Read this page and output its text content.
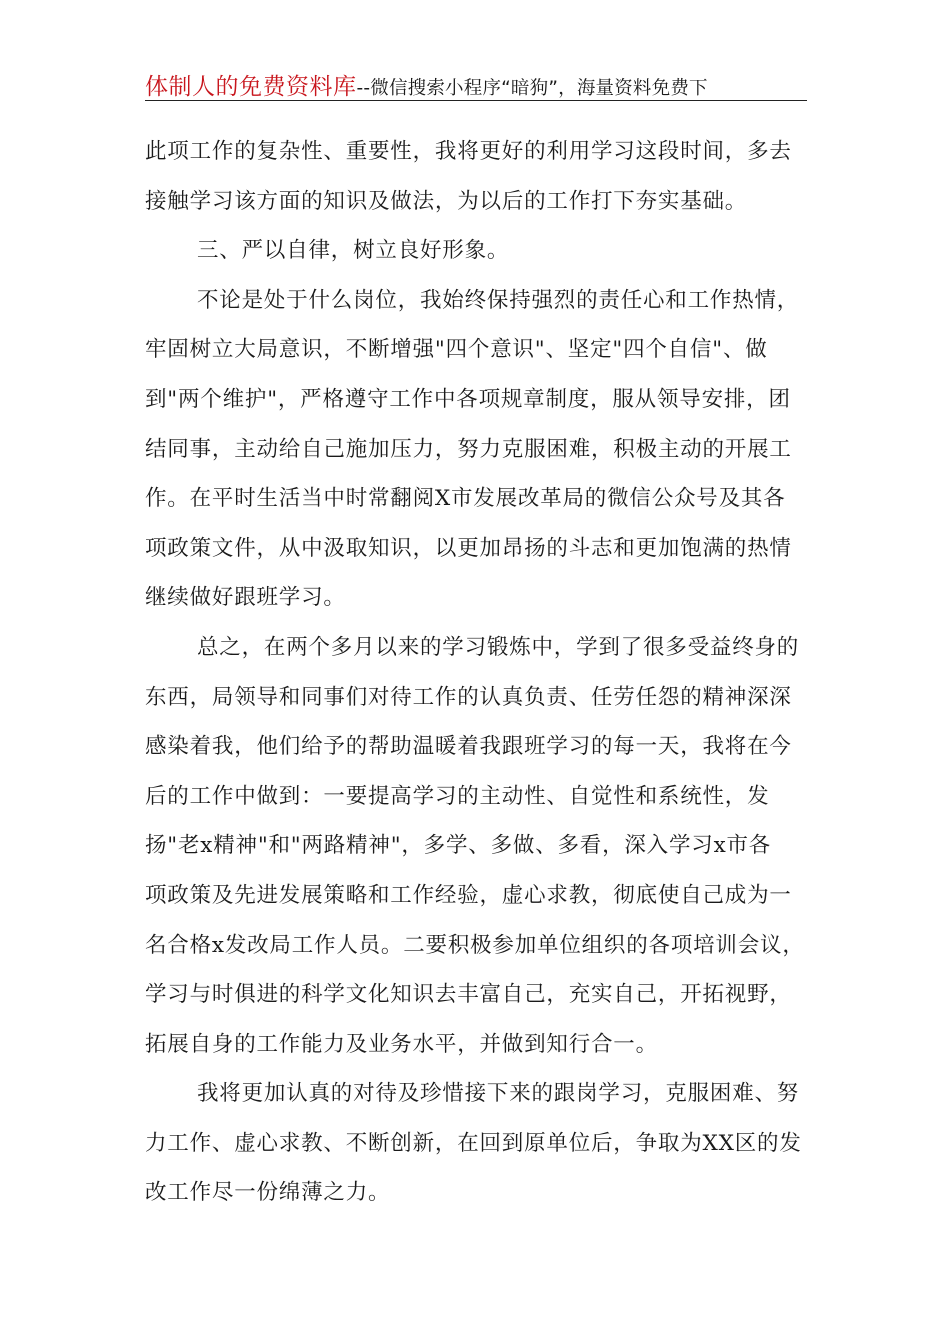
体制人的免费资料库--微信搜索小程序“暗狗”，海量资料免费下
此项工作的复杂性、重要性，我将更好的利用学习这段时间，多去
接触学习该方面的知识及做法，为以后的工作打下夯实基础。
三、严以自律，树立良好形象。
不论是处于什么岗位，我始终保持强烈的责任心和工作热情，
牢固树立大局意识，不断增强"四个意识"、坚定"四个自信"、做
到"两个维护"，严格遵守工作中各项规章制度，服从领导安排，团
结同事，主动给自己施加压力，努力克服困难，积极主动的开展工
作。在平时生活当中时常翻阅X市发展改革局的微信公众号及其各
项政策文件，从中汲取知识，以更加昂扬的斗志和更加饱满的热情
继续做好跟班学习。
总之，在两个多月以来的学习锻炼中，学到了很多受益终身的
东西，局领导和同事们对待工作的认真负责、任劳任怨的精神深深
感染着我，他们给予的帮助温暖着我跟班学习的每一天，我将在今
后的工作中做到：一要提高学习的主动性、自觉性和系统性，发
扬"老x精神"和"两路精神"，多学、多做、多看，深入学习x市各
项政策及先进发展策略和工作经验，虚心求教，彻底使自己成为一
名合格x发改局工作人员。二要积极参加单位组织的各项培训会议，
学习与时俱进的科学文化知识去丰富自己，充实自己，开拓视野，
拓展自身的工作能力及业务水平，并做到知行合一。
我将更加认真的对待及珍惜接下来的跟岗学习，克服困难、努
力工作、虚心求教、不断创新，在回到原单位后，争取为XX区的发
改工作尽一份绵薄之力。
